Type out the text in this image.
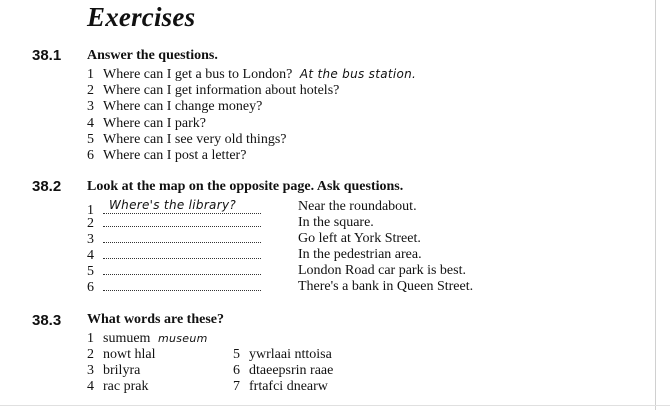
Exercises
38.1 Answer the questions.
1 Where can I get a bus to London? At the bus station.
2 Where can I get information about hotels?
3 Where can I change money?
4 Where can I park?
5 Where can I see very old things?
6 Where can I post a letter?
38.2 Look at the map on the opposite page. Ask questions.
1 Where's the library?
2
3
4
5
6
Near the roundabout.
In the square.
Go left at York Street.
In the pedestrian area.
London Road car park is best.
There's a bank in Queen Street.
38.3 What words are these?
1 sumuem museum
2 nowt hlal
3 brilyra
4 rac prak
5 ywrlaai nttoisa
6 dtaeepsrin raae
7 frtafci dnearw
